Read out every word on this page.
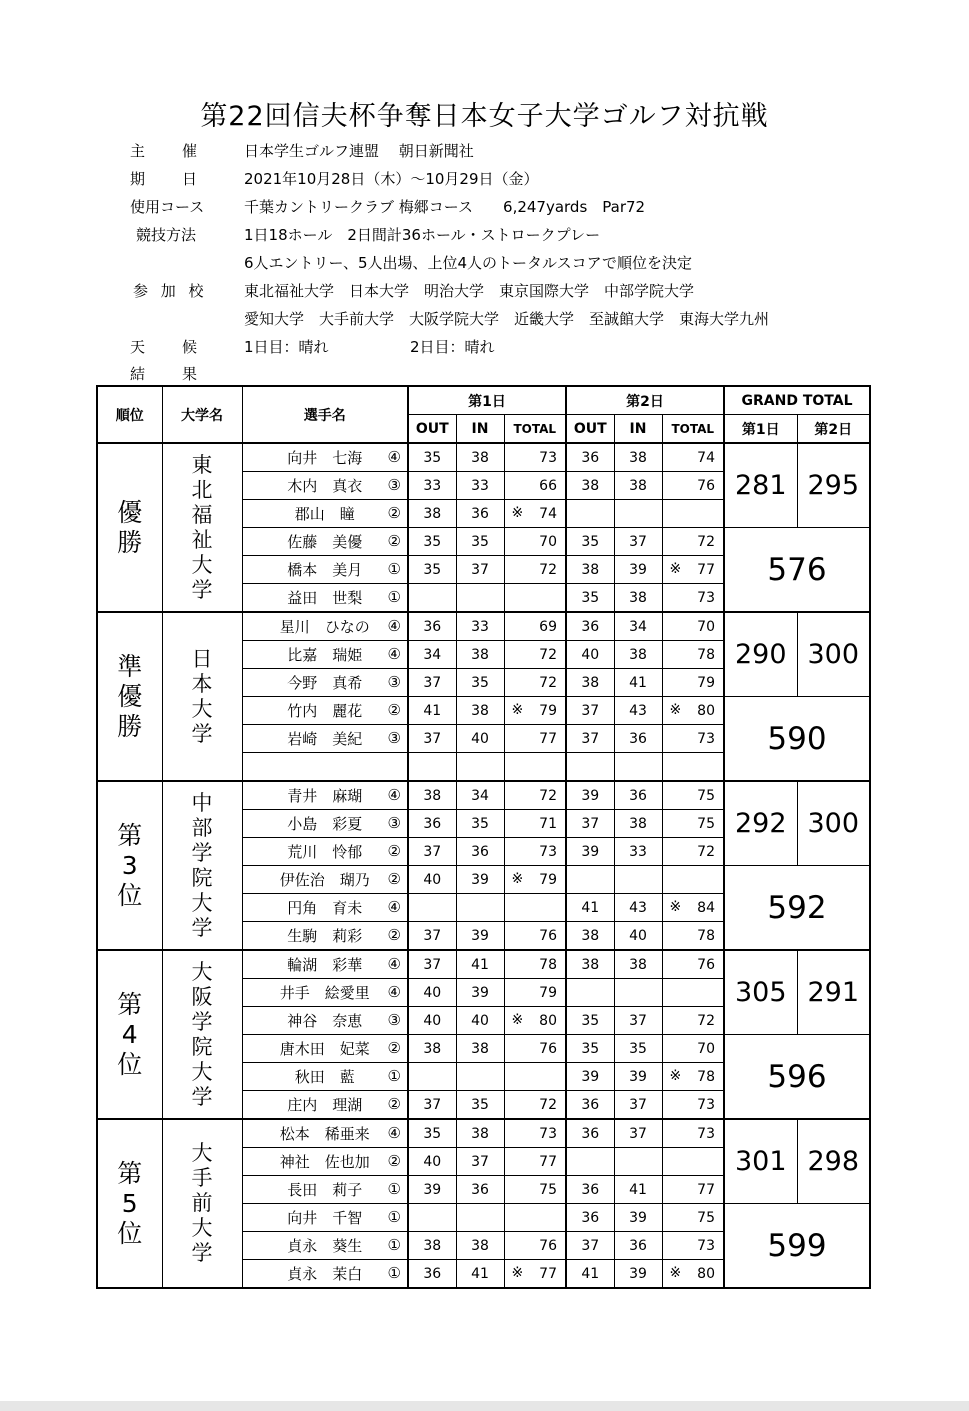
第22回信夫杯争奪日本女子大学ゴルフ対抗戦
主　催 日本学生ゴルフ連盟　 朝日新聞社
期　日 2021年10月28日（木）～10月29日（金）
使用コース	千葉カントリークラブ 梅郷コース　　6,247yards　Par72
競技方法	1日18ホール　2日間計36ホール・ストロークプレー
6人エントリー、5人出場、上位4人のトータルスコアで順位を決定
参 加 校	東北福祉大学　日本大学　明治大学　東京国際大学　中部学院大学
愛知大学　大手前大学　大阪学院大学　近畿大学　至誠館大学　東海大学九州
天　候 1日目：晴れ	2日目：晴れ
結　果
順位	大学名	選手名	第1日			第2日			GRAND TOTAL	
			OUT	IN	TOTAL	OUT	IN	TOTAL	第1日	第2日
優勝	東北福祉大学	向井　七海 ④	35	38	73	36	38	74	281	295
		木内　真衣 ③	33	33	66	38	38	76		
		郡山　瞳 ②	38	36	※ 74					

		佐藤　美優 ②	35	35	70	35	37	72	576	
		橋本　美月 ①	35	37	72	38	39	※ 77		
		益田　世梨 ①				35	38	73		
準優勝	日本大学	星川　ひなの ④	36	33	69	36	34	70	290	300
		比嘉　瑞姫 ④	34	38	72	40	38	78		
		今野　真希 ③	37	35	72	38	41	79		
		竹内　麗花 ②	41	38	※ 79	37	43	※ 80	590	
		岩崎　美紀 ③	37	40	77	37	36	73		

第3位	中部学院大学	青井　麻瑚 ④	38	34	72	39	36	75	292	300
		小島　彩夏 ③	36	35	71	37	38	75		
		荒川　怜郁 ②	37	36	73	39	33	72		
		伊佐治　瑚乃 ②	40	39	※ 79				592	
		円角　育未 ④				41	43	※ 84		
		生駒　莉彩 ②	37	39	76	38	40	78		
第4位	大阪学院大学	輪湖　彩華 ④	37	41	78	38	38	76	305	291
		井手　絵愛里 ④	40	39	79					

		神谷　奈恵 ③	40	40	※ 80	35	37	72		
		唐木田　妃菜 ②	38	38	76	35	35	70	596	
		秋田　藍 ①				39	39	※ 78		
		庄内　理湖 ②	37	35	72	36	37	73		
第5位	大手前大学	松本　稀亜来 ④	35	38	73	36	37	73	301	298
		神社　佐也加 ②	40	37	77					

		長田　莉子 ①	39	36	75	36	41	77		
		向井　千智 ①				36	39	75	599	
		貞永　葵生 ①	38	38	76	37	36	73		
		貞永　茉白 ①	36	41	※ 77	41	39	※ 80		
